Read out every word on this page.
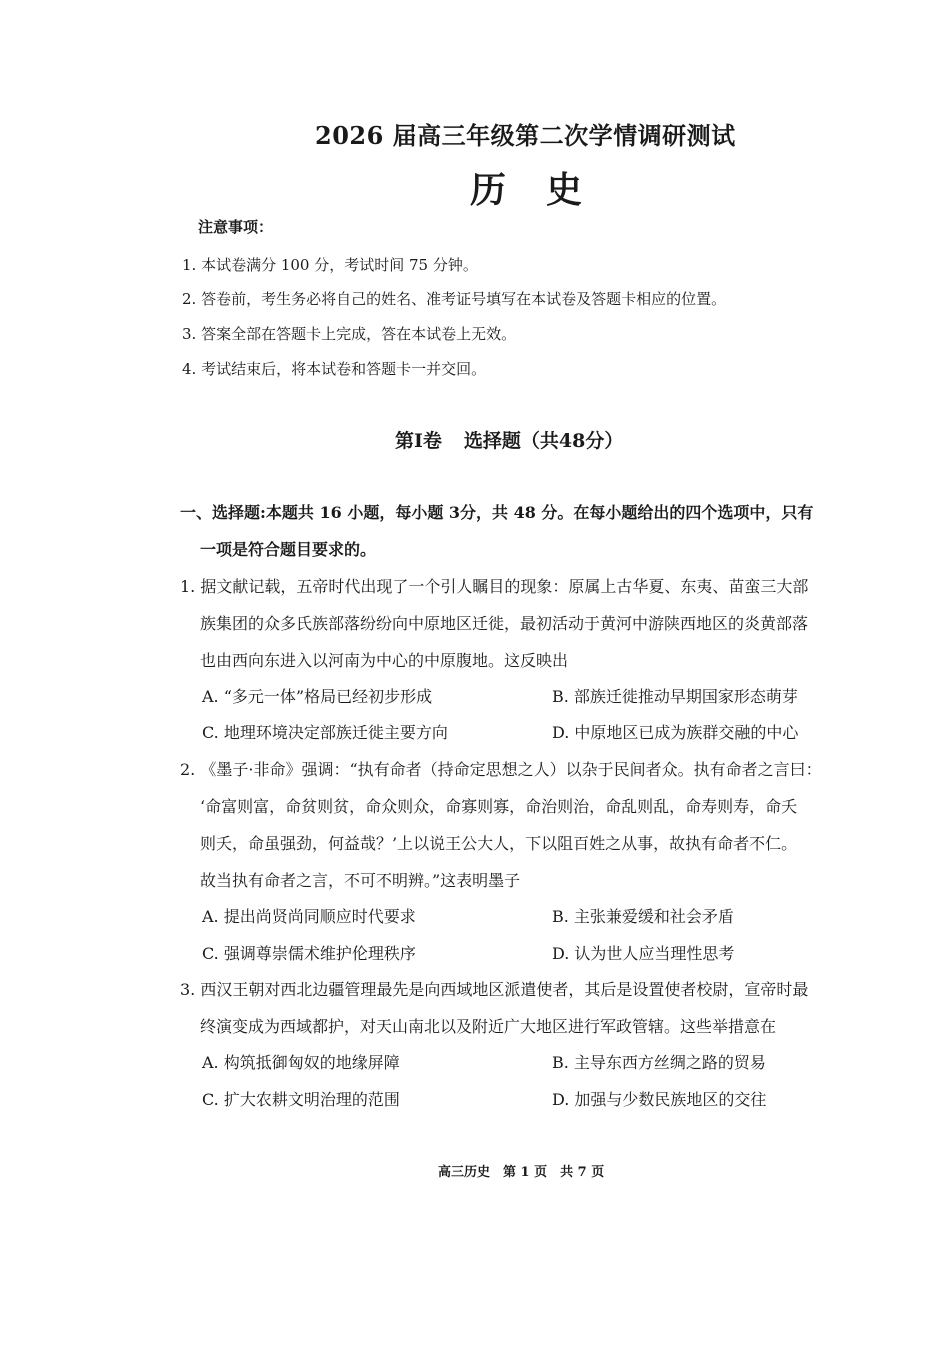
2026 届高三年级第二次学情调研测试
历史
注意事项：
1. 本试卷满分 100 分，考试时间 75 分钟。
2. 答卷前，考生务必将自己的姓名、准考证号填写在本试卷及答题卡相应的位置。
3. 答案全部在答题卡上完成，答在本试卷上无效。
4. 考试结束后，将本试卷和答题卡一并交回。
第Ⅰ卷 选择题（共48分）
一、选择题:本题共 16 小题，每小题 3分，共 48 分。在每小题给出的四个选项中，只有
一项是符合题目要求的。
1. 据文献记载，五帝时代出现了一个引人瞩目的现象：原属上古华夏、东夷、苗蛮三大部
族集团的众多氏族部落纷纷向中原地区迁徙，最初活动于黄河中游陕西地区的炎黄部落
也由西向东进入以河南为中心的中原腹地。这反映出
A. “多元一体”格局已经初步形成	B. 部族迁徙推动早期国家形态萌芽
C. 地理环境决定部族迁徙主要方向	D. 中原地区已成为族群交融的中心
2. 《墨子·非命》强调：“执有命者（持命定思想之人）以杂于民间者众。执有命者之言曰：
‘命富则富，命贫则贫，命众则众，命寡则寡，命治则治，命乱则乱，命寿则寿，命夭
则夭，命虽强劲，何益哉？’上以说王公大人，下以阻百姓之从事，故执有命者不仁。
故当执有命者之言，不可不明辨。”这表明墨子
A. 提出尚贤尚同顺应时代要求	B. 主张兼爱缓和社会矛盾
C. 强调尊崇儒术维护伦理秩序	D. 认为世人应当理性思考
3. 西汉王朝对西北边疆管理最先是向西域地区派遣使者，其后是设置使者校尉，宣帝时最
终演变成为西域都护，对天山南北以及附近广大地区进行军政管辖。这些举措意在
A. 构筑抵御匈奴的地缘屏障	B. 主导东西方丝绸之路的贸易
C. 扩大农耕文明治理的范围	D. 加强与少数民族地区的交往
高三历史　第 1 页　共 7 页
